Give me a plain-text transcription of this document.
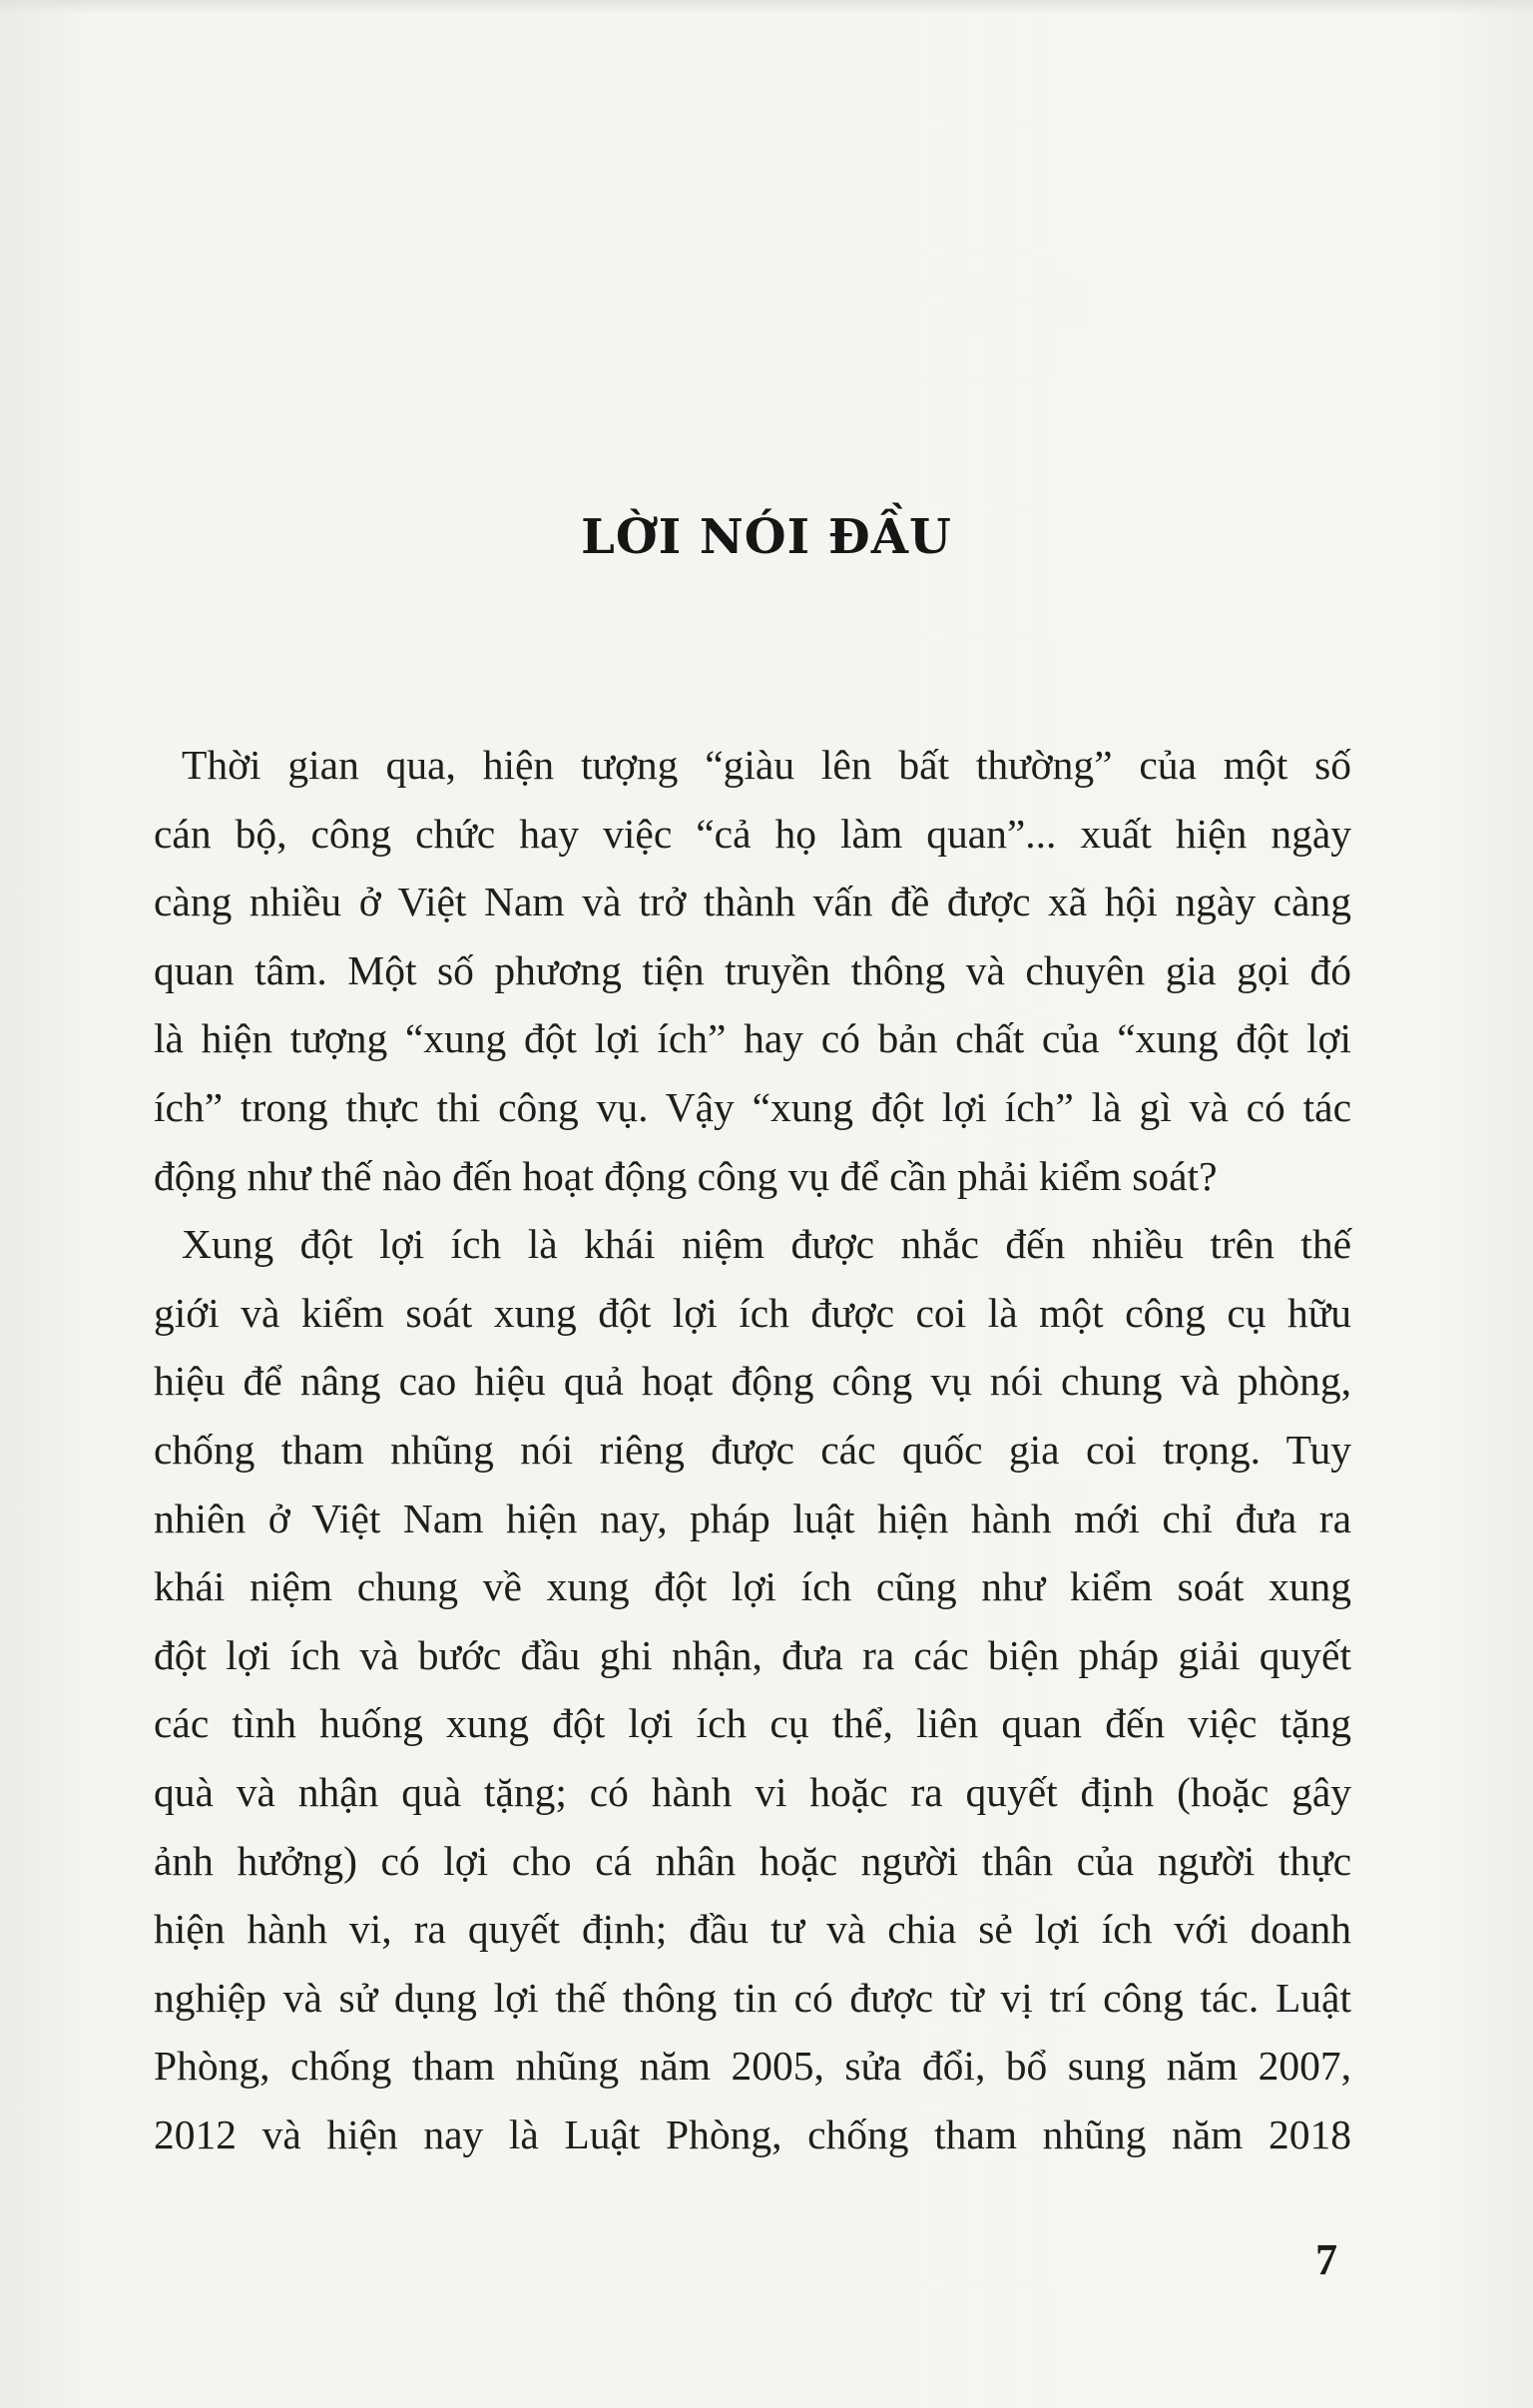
LỜI NÓI ĐẦU
Thời gian qua, hiện tượng “giàu lên bất thường” của một số
cán bộ, công chức hay việc “cả họ làm quan”... xuất hiện ngày
càng nhiều ở Việt Nam và trở thành vấn đề được xã hội ngày càng
quan tâm. Một số phương tiện truyền thông và chuyên gia gọi đó
là hiện tượng “xung đột lợi ích” hay có bản chất của “xung đột lợi
ích” trong thực thi công vụ. Vậy “xung đột lợi ích” là gì và có tác
động như thế nào đến hoạt động công vụ để cần phải kiểm soát?
Xung đột lợi ích là khái niệm được nhắc đến nhiều trên thế
giới và kiểm soát xung đột lợi ích được coi là một công cụ hữu
hiệu để nâng cao hiệu quả hoạt động công vụ nói chung và phòng,
chống tham nhũng nói riêng được các quốc gia coi trọng. Tuy
nhiên ở Việt Nam hiện nay, pháp luật hiện hành mới chỉ đưa ra
khái niệm chung về xung đột lợi ích cũng như kiểm soát xung
đột lợi ích và bước đầu ghi nhận, đưa ra các biện pháp giải quyết
các tình huống xung đột lợi ích cụ thể, liên quan đến việc tặng
quà và nhận quà tặng; có hành vi hoặc ra quyết định (hoặc gây
ảnh hưởng) có lợi cho cá nhân hoặc người thân của người thực
hiện hành vi, ra quyết định; đầu tư và chia sẻ lợi ích với doanh
nghiệp và sử dụng lợi thế thông tin có được từ vị trí công tác. Luật
Phòng, chống tham nhũng năm 2005, sửa đổi, bổ sung năm 2007,
2012 và hiện nay là Luật Phòng, chống tham nhũng năm 2018
7
